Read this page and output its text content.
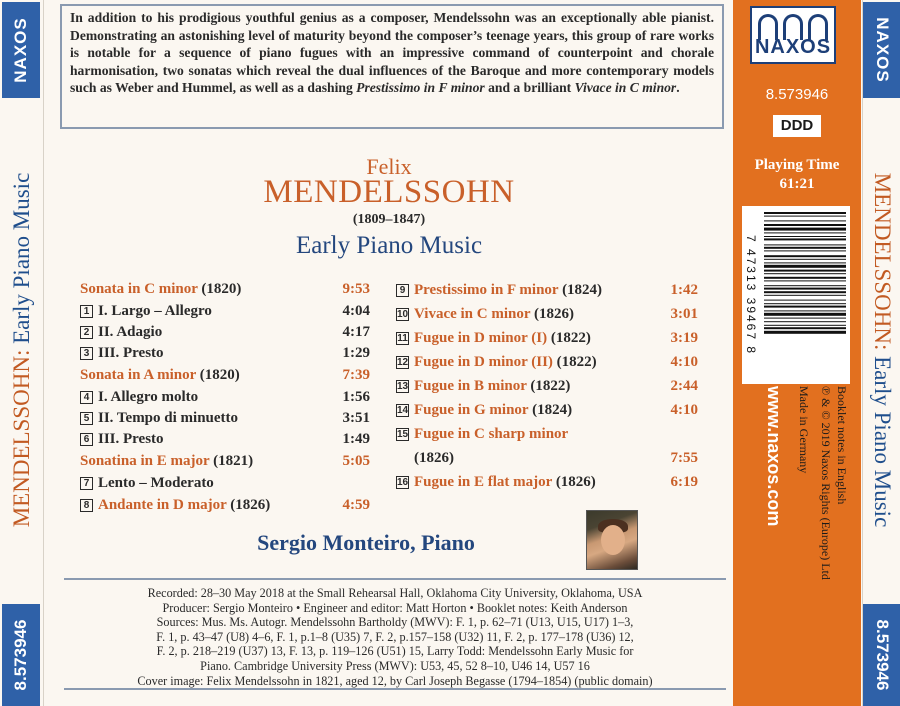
NAXOS
MENDELSSOHN: Early Piano Music
8.573946
NAXOS
MENDELSSOHN: Early Piano Music
8.573946
NAXOS
8.573946
DDD
Playing Time
61:21
7 47313 39467 8
www.naxos.com Made in Germany ℗ & © 2019 Naxos Rights (Europe) Ltd Booklet notes in English
In addition to his prodigious youthful genius as a composer, Mendelssohn was an exceptionally able pianist. Demonstrating an astonishing level of maturity beyond the composer’s teenage years, this group of rare works is notable for a sequence of piano fugues with an impressive command of counterpoint and chorale harmonisation, two sonatas which reveal the dual influences of the Baroque and more contemporary models such as Weber and Hummel, as well as a dashing Prestissimo in F minor and a brilliant Vivace in C minor.
Felix
MENDELSSOHN
(1809–1847)
Early Piano Music
Sonata in C minor (1820)	9:53
1 I. Largo – Allegro	4:04
2 II. Adagio	4:17
3 III. Presto	1:29
Sonata in A minor (1820)	7:39
4 I. Allegro molto	1:56
5 II. Tempo di minuetto	3:51
6 III. Presto	1:49
Sonatina in E major (1821)	5:05
7 Lento – Moderato
8 Andante in D major (1826)	4:59
9 Prestissimo in F minor (1824)	1:42
10 Vivace in C minor (1826)	3:01
11 Fugue in D minor (I) (1822)	3:19
12 Fugue in D minor (II) (1822)	4:10
13 Fugue in B minor (1822)	2:44
14 Fugue in G minor (1824)	4:10
15 Fugue in C sharp minor
(1826)	7:55
16 Fugue in E flat major (1826)	6:19
Sergio Monteiro, Piano

Recorded: 28–30 May 2018 at the Small Rehearsal Hall, Oklahoma City University, Oklahoma, USA

Producer: Sergio Monteiro • Engineer and editor: Matt Horton • Booklet notes: Keith Anderson

Sources: Mus. Ms. Autogr. Mendelssohn Bartholdy (MWV): F. 1, p. 62–71 (U13, U15, U17) 1–3,

F. 1, p. 43–47 (U8) 4–6, F. 1, p.1–8 (U35) 7, F. 2, p.157–158 (U32) 11, F. 2, p. 177–178 (U36) 12,

F. 2, p. 218–219 (U37) 13, F. 13, p. 119–126 (U51) 15, Larry Todd: Mendelssohn Early Music for

Piano. Cambridge University Press (MWV): U53, 45, 52 8–10, U46 14, U57 16

Cover image: Felix Mendelssohn in 1821, aged 12, by Carl Joseph Begasse (1794–1854) (public domain)
